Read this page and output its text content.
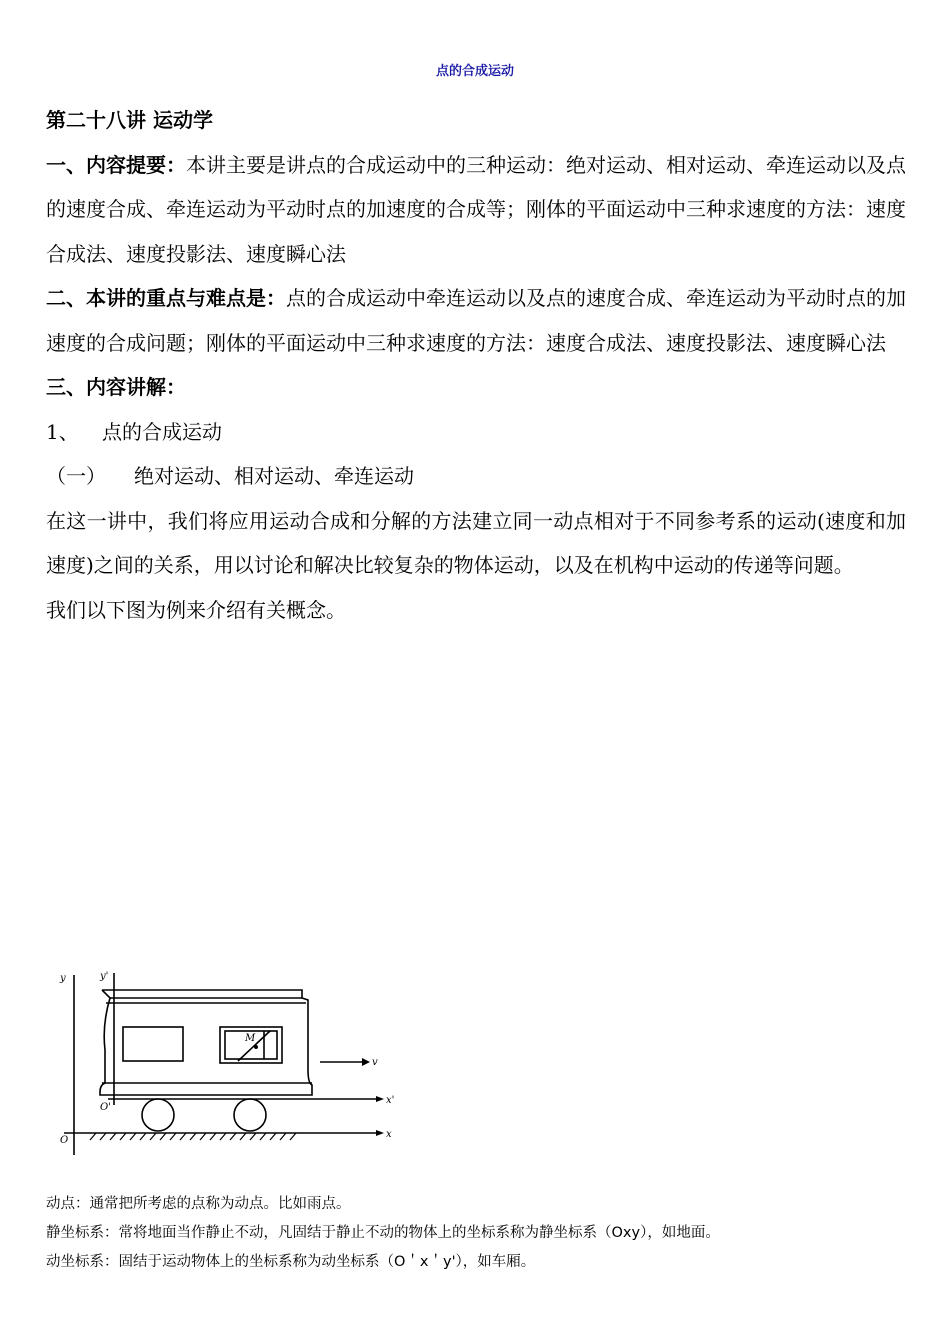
点的合成运动

第二十八讲 运动学

一、内容提要：本讲主要是讲点的合成运动中的三种运动：绝对运动、相对运动、牵连运动以及点的速度合成、牵连运动为平动时点的加速度的合成等；刚体的平面运动中三种求速度的方法：速度合成法、速度投影法、速度瞬心法

二、本讲的重点与难点是：点的合成运动中牵连运动以及点的速度合成、牵连运动为平动时点的加速度的合成问题；刚体的平面运动中三种求速度的方法：速度合成法、速度投影法、速度瞬心法

三、内容讲解：

1、 点的合成运动

（一） 绝对运动、相对运动、牵连运动

在这一讲中，我们将应用运动合成和分解的方法建立同一动点相对于不同参考系的运动(速度和加速度)之间的关系，用以讨论和解决比较复杂的物体运动，以及在机构中运动的传递等问题。

我们以下图为例来介绍有关概念。

y	y'
O
O'
x'
x
M
v

动点：通常把所考虑的点称为动点。比如雨点。

静坐标系：常将地面当作静止不动，凡固结于静止不动的物体上的坐标系称为静坐标系（Oxy），如地面。

动坐标系：固结于运动物体上的坐标系称为动坐标系（O＇x＇y'），如车厢。
